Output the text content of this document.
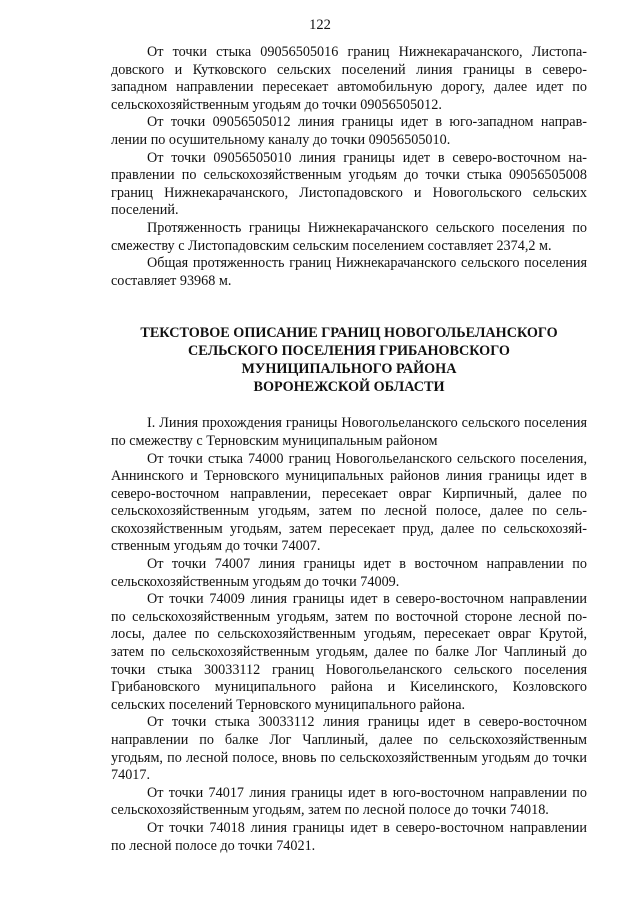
122

От точки стыка 09056505016 границ Нижнекарачанского, Листопадовского и Кутковского сельских поселений линия границы в северо-западном направлении пересекает автомобильную дорогу, далее идет по сельскохозяйственным угодьям до точки 09056505012.

От точки 09056505012 линия границы идет в юго-западном направлении по осушительному каналу до точки 09056505010.

От точки 09056505010 линия границы идет в северо-восточном направлении по сельскохозяйственным угодьям до точки стыка 09056505008 границ Нижнекарачанского, Листопадовского и Новогольского сельских поселений.

Протяженность границы Нижнекарачанского сельского поселения по смежеству с Листопадовским сельским поселением составляет 2374,2 м.

Общая протяженность границ Нижнекарачанского сельского поселения составляет 93968 м.

ТЕКСТОВОЕ ОПИСАНИЕ ГРАНИЦ НОВОГОЛЬЕЛАНСКОГО
СЕЛЬСКОГО ПОСЕЛЕНИЯ ГРИБАНОВСКОГО
МУНИЦИПАЛЬНОГО РАЙОНА
ВОРОНЕЖСКОЙ ОБЛАСТИ

I. Линия прохождения границы Новогольеланского сельского поселения по смежеству с Терновским муниципальным районом

От точки стыка 74000 границ Новогольеланского сельского поселения, Аннинского и Терновского муниципальных районов линия границы идет в северо-восточном направлении, пересекает овраг Кирпичный, далее по сельскохозяйственным угодьям, затем по лесной полосе, далее по сельскохозяйственным угодьям, затем пересекает пруд, далее по сельскохозяйственным угодьям до точки 74007.

От точки 74007 линия границы идет в восточном направлении по сельскохозяйственным угодьям до точки 74009.

От точки 74009 линия границы идет в северо-восточном направлении по сельскохозяйственным угодьям, затем по восточной стороне лесной полосы, далее по сельскохозяйственным угодьям, пересекает овраг Крутой, затем по сельскохозяйственным угодьям, далее по балке Лог Чаплиный до точки стыка 30033112 границ Новогольеланского сельского поселения Грибановского муниципального района и Киселинского, Козловского сельских поселений Терновского муниципального района.

От точки стыка 30033112 линия границы идет в северо-восточном направлении по балке Лог Чаплиный, далее по сельскохозяйственным угодьям, по лесной полосе, вновь по сельскохозяйственным угодьям до точки 74017.

От точки 74017 линия границы идет в юго-восточном направлении по сельскохозяйственным угодьям, затем по лесной полосе до точки 74018.

От точки 74018 линия границы идет в северо-восточном направлении по лесной полосе до точки 74021.
